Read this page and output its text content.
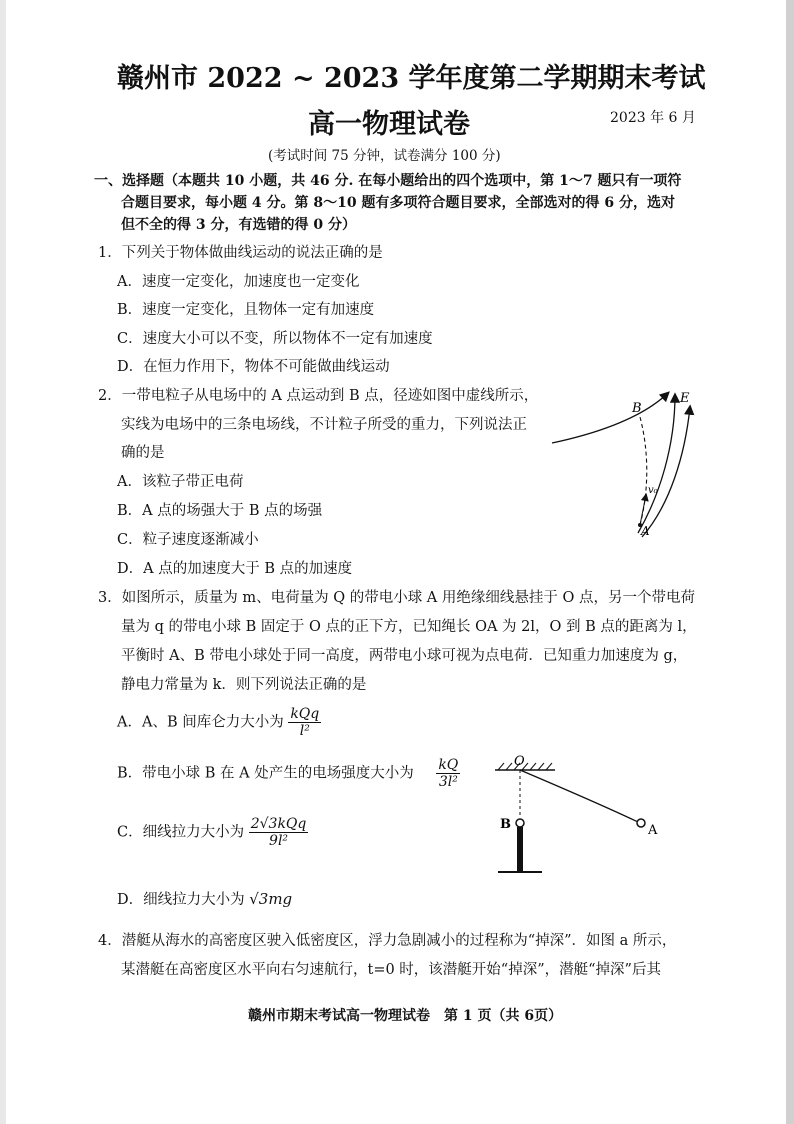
赣州市 2022 ~ 2023 学年度第二学期期末考试
高一物理试卷	2023 年 6 月
(考试时间 75 分钟，试卷满分 100 分)
一、选择题（本题共 10 小题，共 46 分. 在每小题给出的四个选项中，第 1～7 题只有一项符
合题目要求，每小题 4 分。第 8～10 题有多项符合题目要求，全部选对的得 6 分，选对
但不全的得 3 分，有选错的得 0 分）
1．下列关于物体做曲线运动的说法正确的是
A．速度一定变化，加速度也一定变化
B．速度一定变化，且物体一定有加速度
C．速度大小可以不变，所以物体不一定有加速度
D．在恒力作用下，物体不可能做曲线运动
2．一带电粒子从电场中的 A 点运动到 B 点，径迹如图中虚线所示，
实线为电场中的三条电场线，不计粒子所受的重力，下列说法正
确的是
A．该粒子带正电荷
B．A 点的场强大于 B 点的场强
C．粒子速度逐渐减小
D．A 点的加速度大于 B 点的加速度
B
E
A
v₀
3．如图所示，质量为 m、电荷量为 Q 的带电小球 A 用绝缘细线悬挂于 O 点，另一个带电荷
量为 q 的带电小球 B 固定于 O 点的正下方，已知绳长 OA 为 2l，O 到 B 点的距离为 l，
平衡时 A、B 带电小球处于同一高度，两带电小球可视为点电荷．已知重力加速度为 g，
静电力常量为 k．则下列说法正确的是
A．A、B 间库仑力大小为 $\frac{\text{kQq}}{\text{l²}}$
B．带电小球 B 在 A 处产生的电场强度大小为 $\frac{kQ}{\text{3l²}}$
C．细线拉力大小为 $\frac{\text{2√3kQq}}{\text{9l²}}$
D．细线拉力大小为 √3mg
O
B	A
4．潜艇从海水的高密度区驶入低密度区，浮力急剧减小的过程称为“掉深”．如图 a 所示，
某潜艇在高密度区水平向右匀速航行，t=0 时，该潜艇开始“掉深”，潜艇“掉深”后其
赣州市期末考试高一物理试卷　第 1 页（共 6页）
